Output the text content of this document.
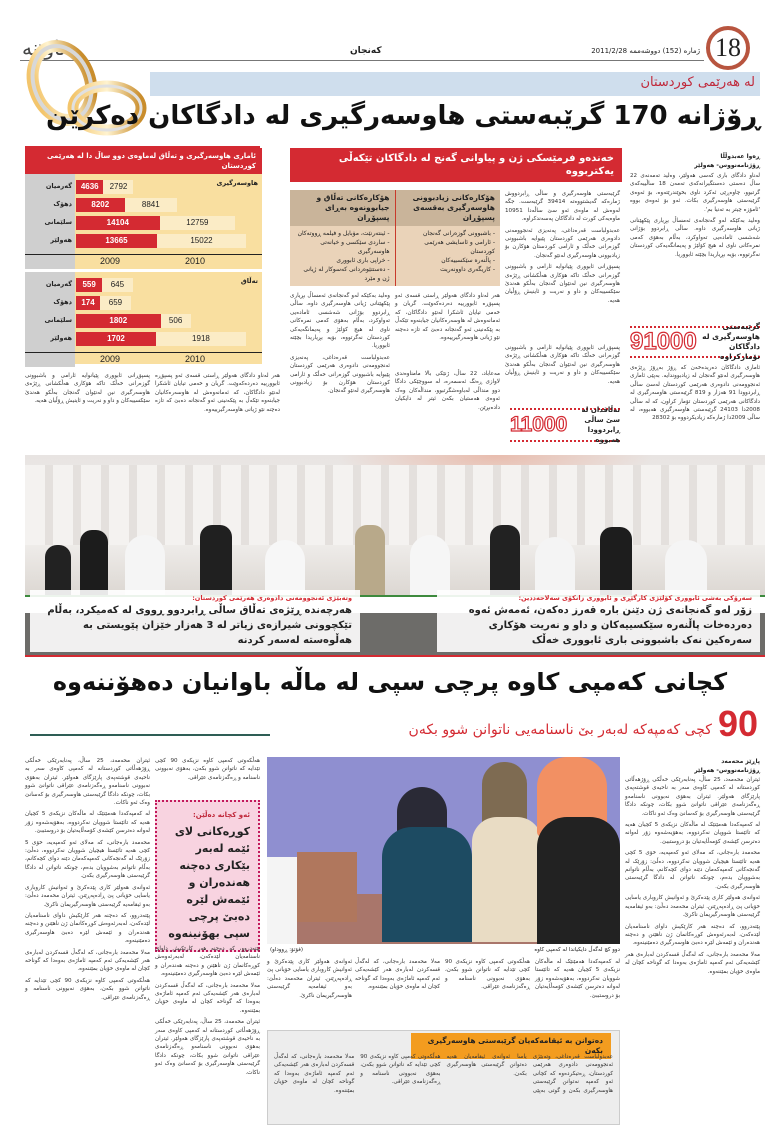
18
ژمارە (152) دووشەممە 2011/2/28
کەنجان
ئاوێنە
لە هەرێمی کوردستان
ڕۆژانە 170 گرێبەستی هاوسەرگیری لە دادگاکان دەکرێن
ئاماری هاوسەرگیری و تەڵاق لەماوەی دوو ساڵ دا لە هەرێمی کوردستان
هاوسەرگیری
گەرمیان	4636	2792
دهۆک	8202	8841
سلێمانی	14104	12759
هەولێر	13665	15022
2009	2010
تەڵاق
گەرمیان	559	645
دهۆک	174	659
سلێمانی	1802	506
هەولێر	1702	1918
2009	2010
خەندەو فرمێسکی ژن و پیاوانی گەنج لە دادگاکان تێکەڵی یەکتربووە
هۆکارەکانی زیادبوونی هاوسەرگیری بەقسەی پسپۆڕان
- باشبوونی گوزەرانی گەنجان
- ئارامی و ئاسایشی هەرێمی کوردستان
- پاڵنەرە سێکسییەکان
- کاریگەری داوونەریت
هۆکارەکانی تەڵاق و جیابوونەوە بەڕای پسپۆڕان
- ئینتەرنێت، مۆبایل و فیلمە ڕووتەکان
- ساردی سێکسی و خیانەتی هاوسەرگیری
- خراپی باری ئابووری
- دەستتێوەردانی کەسوکار لە ژیانی ژن و مێرد

گرێبەستی هاوسەرگیری و ساڵی ڕابردووش ژمارەکە گەیشتووەتە 39414 گرێبەست. جگە لەوەش لە ماوەی ئەو سێ ساڵەدا 10951 ماوەیەکی کورت لە دادگاکان پەسەندکراوە.

عەبدولباست قەرەداغی، پەنەیزی ئەنجوومەنی دادوەری هەرێمی کوردستان پێیوایە باشبوونی گوزەرانی خەڵک و ئارامی کوردستان هۆکارن بۆ زیادبوونی هاوسەرگیری لەنێو گەنجان.

پسپۆڕانی ئابووری پێیانوایە ئارامی و باشبوونی گوزەرانی خەڵک تاکە هۆکاری هەڵکشانی ڕێژەی هاوسەرگیری نین لەنێوان گەنجان بەڵکو هەندێ سێکسییەکان و داو و نەریت و ئاینیش ڕۆڵیان هەیە.

هەر لەناو دادگای هەولێر ڕاستی قسەی ئەو پسپۆڕە ئابوورییە دەردەکەوێت. گریان و خەمی تیایان ئاشکرا لەنێو دادگاکان، کە ئەمانەوەش لە هاوسەرەکانیان جیابنەوە تێکەڵ بە پێکەنینی ئەو گەنجانە دەبێ کە تازە دەچنە نێو ژیانی هاوسەرگیرییەوە.

وەلید بەکێکە لەو گەنجانەی ئەمساڵ بڕیاری پێکهێنانی ژیانی هاوسەرگیری داوە. ساڵی ڕابردوو بۆژانی شەشسی ئامادەیی تەواوکرد، بەڵام بەهۆی کەمی نمرەکانی ناوی لە هیچ کۆلێژ و پەیمانگەیەکی کوردستان نەگرتووە، بۆیە بڕیاریدا بچێتە ئابووریا.

عەبدولباست قەرەداغی، پەنەیزی ئەنجوومەنی دادوەری هەرێمی کوردستان پێیوایە باشبوونی گوزەرانی خەڵک و ئارامی کوردستان هۆکارن بۆ زیادبوونی هاوسەرگیری لەنێو گەنجان.

پسپۆڕانی ئابووری پێیانوایە ئارامی و باشبوونی گوزەرانی خەڵک تاکە هۆکاری هەڵکشانی ڕێژەی هاوسەرگیری نین لەنێوان گەنجان بەڵکو هەندێ سێکسییەکان و داو و نەریت و ئاینیش ڕۆڵیان هەیە.

هەر لەناو دادگای هەولێر ڕاستی قسەی ئەو پسپۆڕە ئابوورییە دەردەکەوێت. گریان و خەمی تیایان ئاشکرا لەنێو دادگاکان، کە ئەمانەوەش لە هاوسەرەکانیان جیابنەوە تێکەڵ بە پێکەنینی ئەو گەنجانە دەبێ کە تازە دەچنە نێو ژیانی هاوسەرگیرییەوە.

ڕەوا عەبدوڵڵا
ڕۆژنامەنووس- هەولێر

لەناو دادگای باری کەسی هەولێر، وەلید تەمەنەی 22 ساڵ دەستی دەستگیرانەکەی تەمەن 18 ساڵییەکەی گرتبوو، چاوەڕێی ئەکرد ناوی بخوێندرێتەوە، بۆ ئەوەی گرێبەستی هاوسەرگیری بکات. ئەو بۆ ئەوەی بووە 'ئامۆزە چیتر بە تەنیا بم'.

وەلید بەکێکە لەو گەنجانەی ئەمساڵ بڕیاری پێکهێنانی ژیانی هاوسەرگیری داوە. ساڵی ڕابردوو بۆژانی شەشسی ئامادەیی تەواوکرد، بەڵام بەهۆی کەمی نمرەکانی ناوی لە هیچ کۆلێژ و پەیمانگەیەکی کوردستان نەگرتووە، بۆیە بڕیاریدا بچێتە ئابووریا.

گرێبەستی هاوسەرگیری لە دادگاکان تۆمارکراوە
91000

ئاماری دادگاکان دەریدەخەن کە ڕۆژ بەڕۆژ ڕێژەی هاوسەرگیری لەنێو گەنجان لە زیادبووندایە. بەپێی ئاماری ئەنجوومەنی دادوەری هەرێمی کوردستان لەسێ ساڵی ڕابردوودا 91 هەزار و 819 گرێبەستی هاوسەرگیری لە دادگاکانی هەرێمی کوردستان تۆمار کراون، کە لە ساڵی 2008دا 24103 گرێبەستی هاوسەرگیری هەبووە، لە ساڵی 2009دا ژمارەکە زیادیکردووە بۆ 28302

مەعاباد، 22 ساڵ، ژنێکی بالا مامناوەندی لاوازی ڕەنگ ئەسمەرە، لە سووچێکی دادگا دوو منداڵی لەباوەشگرتبوو، منداڵەکان وەک ئەوەی هەستیان بکەن ئیتر لە دایکیان دادەبڕێن.

پسپۆڕانی ئابووری پێیانوایە ئارامی و باشبوونی گوزەرانی خەڵک تاکە هۆکاری هەڵکشانی ڕێژەی هاوسەرگیری نین لەنێوان گەنجان بەڵکو هەندێ سێکسییەکان و داو و نەریت و ئاینیش ڕۆڵیان هەیە.

تەڵاقدان لە سێ ساڵی ڕابردوودا هەبووە
11000
وتەبێژی ئەنجوومەنی دادوەری هەرێمی کوردستان:
هەرچەندە ڕێژەی تەڵاق ساڵی ڕابردوو ڕووی لە کەمیکرد، بەڵام تێکچوونی شیرازەی زیاتر لە 3 هەزار خێزان پێویستی بە هەڵوەستە لەسەر کردنە
سەرۆکی بەشی ئابووری کۆلێژی کارگێڕی و ئابووری زانکۆی سەلاحەددین:
زۆر لەو گەنجانەی ژن دێنن بارە قەرز دەکەن، ئەمەش ئەوە دەردەخات پاڵنەرە سێکسییەکان و داو و نەریت هۆکاری سەرەکین نەک باشبوونی باری ئابووری خەڵک
کچانی کەمپی کاوە پرچی سپی لە ماڵە باوانیان دەهۆننەوە
90
کچی کەمپەکە لەبەر بێ ناسنامەیی ناتوانن شوو بکەن
پاڕێز محەمەد
ڕۆژنامەنووس- هەولێر

ئیتران محەمەد، 25 ساڵ، پەنابەرێکی خەڵکی ڕۆژهەڵاتی کوردستانە لە کەمپی کاوەی سەر بە ناحیەی قوشتەپەی پارێزگای هەولێر. ئیتران بەهۆی نەبوونی ناسنامەو ڕەگەزنامەی عێراقی ناتوانێ شوو بکات، چونکە دادگا گرێبەستی هاوسەرگیری بۆ کەسانێ وەک ئەو ناکات.

لە کەمپەکەدا هەمێنێک لە ماڵەکان نزیکەی 5 کچیان هەیە کە تائێستا شوویان نەکردووە، بەهۆیەشەوە زۆر لەوانە دەترسن کێشەی کۆمەڵایەتیان بۆ دروستببێ.

محەمەد بارەجانی، کە مەلای ئەو کەمپەیە، خۆی 5 کچی هەیە تائێستا هیچیان شوویان نەکردووە، دەڵێ: زۆرێک لە گەنجەکانی کەمپەکەمان دێنە دوای کچەکانم، بەڵام ناتوانم بەشوویان بدەم، چونکە ناتوانن لە دادگا گرێبەستی هاوسەرگیری بکەن.

ئەوانەی هەولێر کاری پێدەکرێ و ئەوانیش کاروباری یاسایی خۆیانی پێ ڕادەپەڕێنن. ئیتران محەمەد دەڵێ: بەو ئیقامەیە گرێبەستی هاوسەرگیریمان ناکرێ.

پێتەدروو، کە دەچنە هەر کارێکیش داوای ناسنامەیان لێدەکەن، لەبەرئەوەش کوڕەکانمان ژن ناهێنن و دەچنە هەندەران و ئێمەش لێرە دەبێ هاوسەرگیری دەمێنینەوە.

مەلا محەمەد بارەجانی، کە لەگەڵ قسەکردن لەبارەی هەر کێشەیەکی ئەم کەمپە ئاماژەی بەوەدا کە گوناحە کچان لە ماوەی خۆیان بمێننەوە.

دوو کچ لەگەڵ دایکیاندا لە کەمپی کاوە
(فۆتۆ: ڕووداو)

لە کەمپەکەدا هەمێنێک لە ماڵەکان نزیکەی 5 کچیان هەیە کە تائێستا شوویان نەکردووە، بەهۆیەشەوە زۆر لەوانە دەترسن کێشەی کۆمەڵایەتیان بۆ دروستببێ.

هەڵکەوتی کەمپی کاوە نزیکەی 90 کچی تێدایە کە ناتوانن شوو بکەن، بەهۆی نەبوونی ناسنامە و ڕەگەزنامەی عێراقی.

مەلا محەمەد بارەجانی، کە لەگەڵ قسەکردن لەبارەی هەر کێشەیەکی ئەم کەمپە ئاماژەی بەوەدا کە گوناحە کچان لە ماوەی خۆیان بمێننەوە.

ئەوانەی هەولێر کاری پێدەکرێ و ئەوانیش کاروباری یاسایی خۆیانی پێ ڕادەپەڕێنن. ئیتران محەمەد دەڵێ: بەو ئیقامەیە گرێبەستی هاوسەرگیریمان ناکرێ.

دەتوانن بە ئیقامەکەیان گرێبەستی هاوسەرگیری بکەن

عەبدولباست قەرەداغی، وتەبێژی ئەنجوومەنی دادوەری هەرێمی کوردستان، ڕەتیکردەوە کە کچانی ئەو کەمپە نەتوانن گرێبەستی هاوسەرگیری بکەن و گوتی بەپێی یاسا ئەوانەی ئیقامەیان هەیە دەتوانن گرێبەستی هاوسەرگیری بکەن.

هەڵکەوتی کەمپی کاوە نزیکەی 90 کچی تێدایە کە ناتوانن شوو بکەن، بەهۆی نەبوونی ناسنامە و ڕەگەزنامەی عێراقی.

مەلا محەمەد بارەجانی، کە لەگەڵ قسەکردن لەبارەی هەر کێشەیەکی ئەم کەمپە ئاماژەی بەوەدا کە گوناحە کچان لە ماوەی خۆیان بمێننەوە.

هەڵکەوتی کەمپی کاوە نزیکەی 90 کچی تێدایە کە ناتوانن شوو بکەن، بەهۆی نەبوونی ناسنامە و ڕەگەزنامەی عێراقی.

ئەو کچانە دەڵێن:
کوڕەکانی لای ئێمە لەبەر بێکاری دەچنە هەندەران و ئێمەش لێرە دەبێ پرچی سپی بهۆنینەوە

پێتەدروو، کە دەچنە هەر کارێکیش داوای ناسنامەیان لێدەکەن، لەبەرئەوەش کوڕەکانمان ژن ناهێنن و دەچنە هەندەران و ئێمەش لێرە دەبێ هاوسەرگیری دەمێنینەوە.

مەلا محەمەد بارەجانی، کە لەگەڵ قسەکردن لەبارەی هەر کێشەیەکی ئەم کەمپە ئاماژەی بەوەدا کە گوناحە کچان لە ماوەی خۆیان بمێننەوە.

ئیتران محەمەد، 25 ساڵ، پەنابەرێکی خەڵکی ڕۆژهەڵاتی کوردستانە لە کەمپی کاوەی سەر بە ناحیەی قوشتەپەی پارێزگای هەولێر. ئیتران بەهۆی نەبوونی ناسنامەو ڕەگەزنامەی عێراقی ناتوانێ شوو بکات، چونکە دادگا گرێبەستی هاوسەرگیری بۆ کەسانێ وەک ئەو ناکات.

ئیتران محەمەد، 25 ساڵ، پەنابەرێکی خەڵکی ڕۆژهەڵاتی کوردستانە لە کەمپی کاوەی سەر بە ناحیەی قوشتەپەی پارێزگای هەولێر. ئیتران بەهۆی نەبوونی ناسنامەو ڕەگەزنامەی عێراقی ناتوانێ شوو بکات، چونکە دادگا گرێبەستی هاوسەرگیری بۆ کەسانێ وەک ئەو ناکات.

لە کەمپەکەدا هەمێنێک لە ماڵەکان نزیکەی 5 کچیان هەیە کە تائێستا شوویان نەکردووە، بەهۆیەشەوە زۆر لەوانە دەترسن کێشەی کۆمەڵایەتیان بۆ دروستببێ.

محەمەد بارەجانی، کە مەلای ئەو کەمپەیە، خۆی 5 کچی هەیە تائێستا هیچیان شوویان نەکردووە، دەڵێ: زۆرێک لە گەنجەکانی کەمپەکەمان دێنە دوای کچەکانم، بەڵام ناتوانم بەشوویان بدەم، چونکە ناتوانن لە دادگا گرێبەستی هاوسەرگیری بکەن.

ئەوانەی هەولێر کاری پێدەکرێ و ئەوانیش کاروباری یاسایی خۆیانی پێ ڕادەپەڕێنن. ئیتران محەمەد دەڵێ: بەو ئیقامەیە گرێبەستی هاوسەرگیریمان ناکرێ.

پێتەدروو، کە دەچنە هەر کارێکیش داوای ناسنامەیان لێدەکەن، لەبەرئەوەش کوڕەکانمان ژن ناهێنن و دەچنە هەندەران و ئێمەش لێرە دەبێ هاوسەرگیری دەمێنینەوە.

مەلا محەمەد بارەجانی، کە لەگەڵ قسەکردن لەبارەی هەر کێشەیەکی ئەم کەمپە ئاماژەی بەوەدا کە گوناحە کچان لە ماوەی خۆیان بمێننەوە.

هەڵکەوتی کەمپی کاوە نزیکەی 90 کچی تێدایە کە ناتوانن شوو بکەن، بەهۆی نەبوونی ناسنامە و ڕەگەزنامەی عێراقی.
